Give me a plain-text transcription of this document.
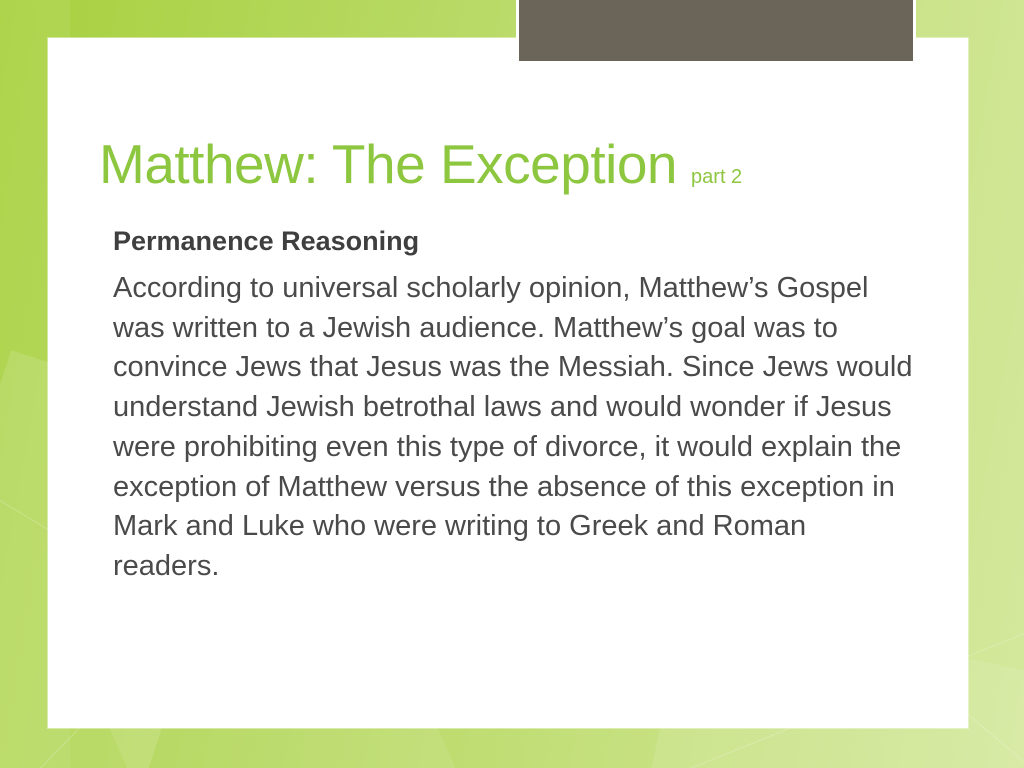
Matthew: The Exception part 2
Permanence Reasoning
According to universal scholarly opinion, Matthew’s Gospel was written to a Jewish audience. Matthew’s goal was to convince Jews that Jesus was the Messiah. Since Jews would understand Jewish betrothal laws and would wonder if Jesus were prohibiting even this type of divorce, it would explain the exception of Matthew versus the absence of this exception in Mark and Luke who were writing to Greek and Roman readers.
